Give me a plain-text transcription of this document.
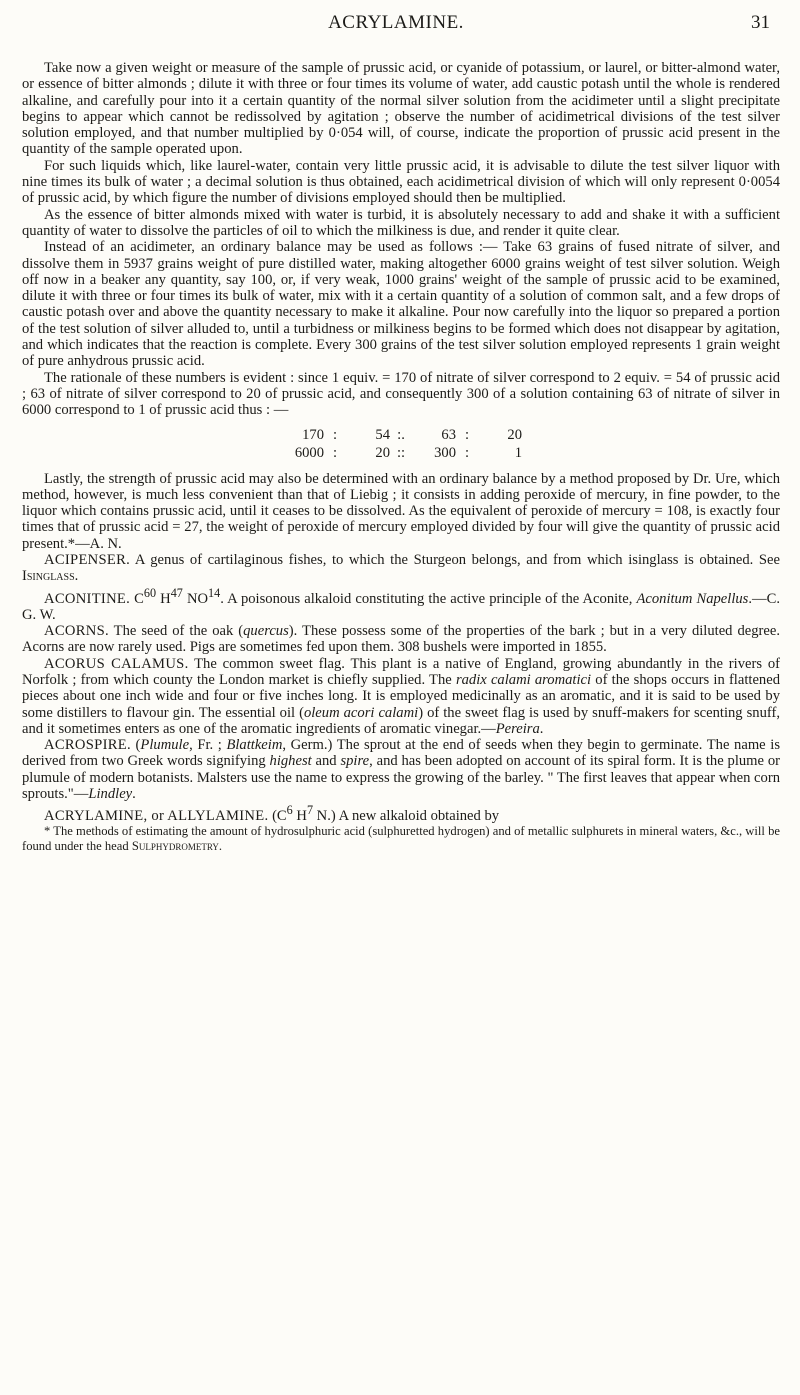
ACRYLAMINE.	31

Take now a given weight or measure of the sample of prussic acid, or cyanide of potassium, or laurel, or bitter-almond water, or essence of bitter almonds ; dilute it with three or four times its volume of water, add caustic potash until the whole is rendered alkaline, and carefully pour into it a certain quantity of the normal silver solution from the acidimeter until a slight precipitate begins to appear which cannot be redissolved by agitation ; observe the number of acidimetrical divisions of the test silver solution employed, and that number multiplied by 0·054 will, of course, indicate the proportion of prussic acid present in the quantity of the sample operated upon.

For such liquids which, like laurel-water, contain very little prussic acid, it is advisable to dilute the test silver liquor with nine times its bulk of water ; a decimal solution is thus obtained, each acidimetrical division of which will only represent 0·0054 of prussic acid, by which figure the number of divisions employed should then be multiplied.

As the essence of bitter almonds mixed with water is turbid, it is absolutely necessary to add and shake it with a sufficient quantity of water to dissolve the particles of oil to which the milkiness is due, and render it quite clear.

Instead of an acidimeter, an ordinary balance may be used as follows :— Take 63 grains of fused nitrate of silver, and dissolve them in 5937 grains weight of pure distilled water, making altogether 6000 grains weight of test silver solution. Weigh off now in a beaker any quantity, say 100, or, if very weak, 1000 grains' weight of the sample of prussic acid to be examined, dilute it with three or four times its bulk of water, mix with it a certain quantity of a solution of common salt, and a few drops of caustic potash over and above the quantity necessary to make it alkaline. Pour now carefully into the liquor so prepared a portion of the test solution of silver alluded to, until a turbidness or milkiness begins to be formed which does not disappear by agitation, and which indicates that the reaction is complete. Every 300 grains of the test silver solution employed represents 1 grain weight of pure anhydrous prussic acid.

The rationale of these numbers is evident : since 1 equiv. = 170 of nitrate of silver correspond to 2 equiv. = 54 of prussic acid ; 63 of nitrate of silver correspond to 20 of prussic acid, and consequently 300 of a solution containing 63 of nitrate of silver in 6000 correspond to 1 of prussic acid thus : —

170 :	54 :.	63 :	20
6000 :	20 ::	300 :	1

Lastly, the strength of prussic acid may also be determined with an ordinary balance by a method proposed by Dr. Ure, which method, however, is much less convenient than that of Liebig ; it consists in adding peroxide of mercury, in fine powder, to the liquor which contains prussic acid, until it ceases to be dissolved. As the equivalent of peroxide of mercury = 108, is exactly four times that of prussic acid = 27, the weight of peroxide of mercury employed divided by four will give the quantity of prussic acid present.*—A. N.

ACIPENSER. A genus of cartilaginous fishes, to which the Sturgeon belongs, and from which isinglass is obtained. See Isinglass.

ACONITINE. $C^{60}$ $H^{47}$ NO$^{14}$. A poisonous alkaloid constituting the active principle of the Aconite, Aconitum Napellus.—C. G. W.

ACORNS. The seed of the oak (quercus). These possess some of the properties of the bark ; but in a very diluted degree. Acorns are now rarely used. Pigs are sometimes fed upon them. 308 bushels were imported in 1855.

ACORUS CALAMUS. The common sweet flag. This plant is a native of England, growing abundantly in the rivers of Norfolk ; from which county the London market is chiefly supplied. The radix calami aromatici of the shops occurs in flattened pieces about one inch wide and four or five inches long. It is employed medicinally as an aromatic, and it is said to be used by some distillers to flavour gin. The essential oil (oleum acori calami) of the sweet flag is used by snuff-makers for scenting snuff, and it sometimes enters as one of the aromatic ingredients of aromatic vinegar.—Pereira.

ACROSPIRE. (Plumule, Fr. ; Blattkeim, Germ.) The sprout at the end of seeds when they begin to germinate. The name is derived from two Greek words signifying highest and spire, and has been adopted on account of its spiral form. It is the plume or plumule of modern botanists. Malsters use the name to express the growing of the barley. " The first leaves that appear when corn sprouts."—Lindley.

ACRYLAMINE, or ALLYLAMINE. ($C^6$ $H^7$ N.) A new alkaloid obtained by

* The methods of estimating the amount of hydrosulphuric acid (sulphuretted hydrogen) and of metallic sulphurets in mineral waters, &c., will be found under the head Sulphydrometry.
